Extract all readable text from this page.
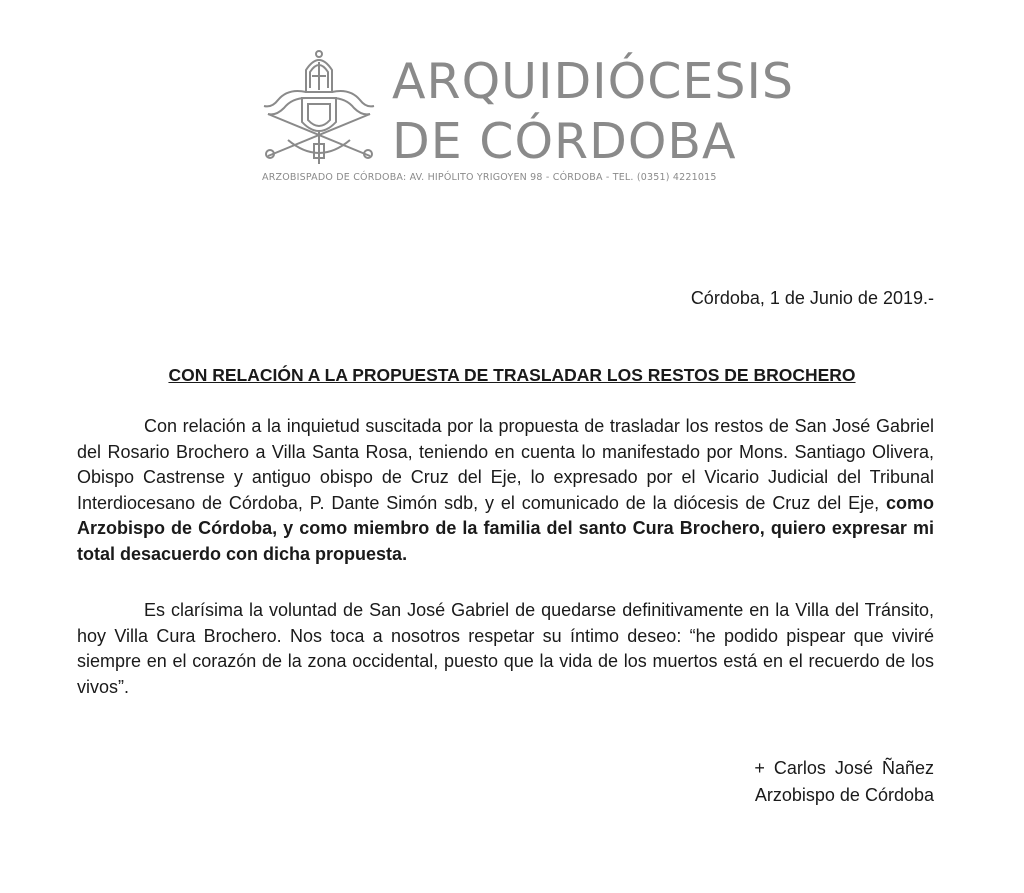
ARQUIDIÓCESIS
DE CÓRDOBA
ARZOBISPADO DE CÓRDOBA: AV. HIPÓLITO YRIGOYEN 98 - CÓRDOBA - TEL. (0351) 4221015
Córdoba, 1 de Junio de 2019.-
CON RELACIÓN A LA PROPUESTA DE TRASLADAR LOS RESTOS DE BROCHERO

Con relación a la inquietud suscitada por la propuesta de trasladar los restos de San José Gabriel del Rosario Brochero a Villa Santa Rosa, teniendo en cuenta lo manifestado por Mons. Santiago Olivera, Obispo Castrense y antiguo obispo de Cruz del Eje, lo expresado por el Vicario Judicial del Tribunal Interdiocesano de Córdoba, P. Dante Simón sdb, y el comunicado de la diócesis de Cruz del Eje, como Arzobispo de Córdoba, y como miembro de la familia del santo Cura Brochero, quiero expresar mi total desacuerdo con dicha propuesta.

Es clarísima la voluntad de San José Gabriel de quedarse definitivamente en la Villa del Tránsito, hoy Villa Cura Brochero. Nos toca a nosotros respetar su íntimo deseo: “he podido pispear que viviré siempre en el corazón de la zona occidental, puesto que la vida de los muertos está en el recuerdo de los vivos”.

+ Carlos José Ñañez
Arzobispo de Córdoba
